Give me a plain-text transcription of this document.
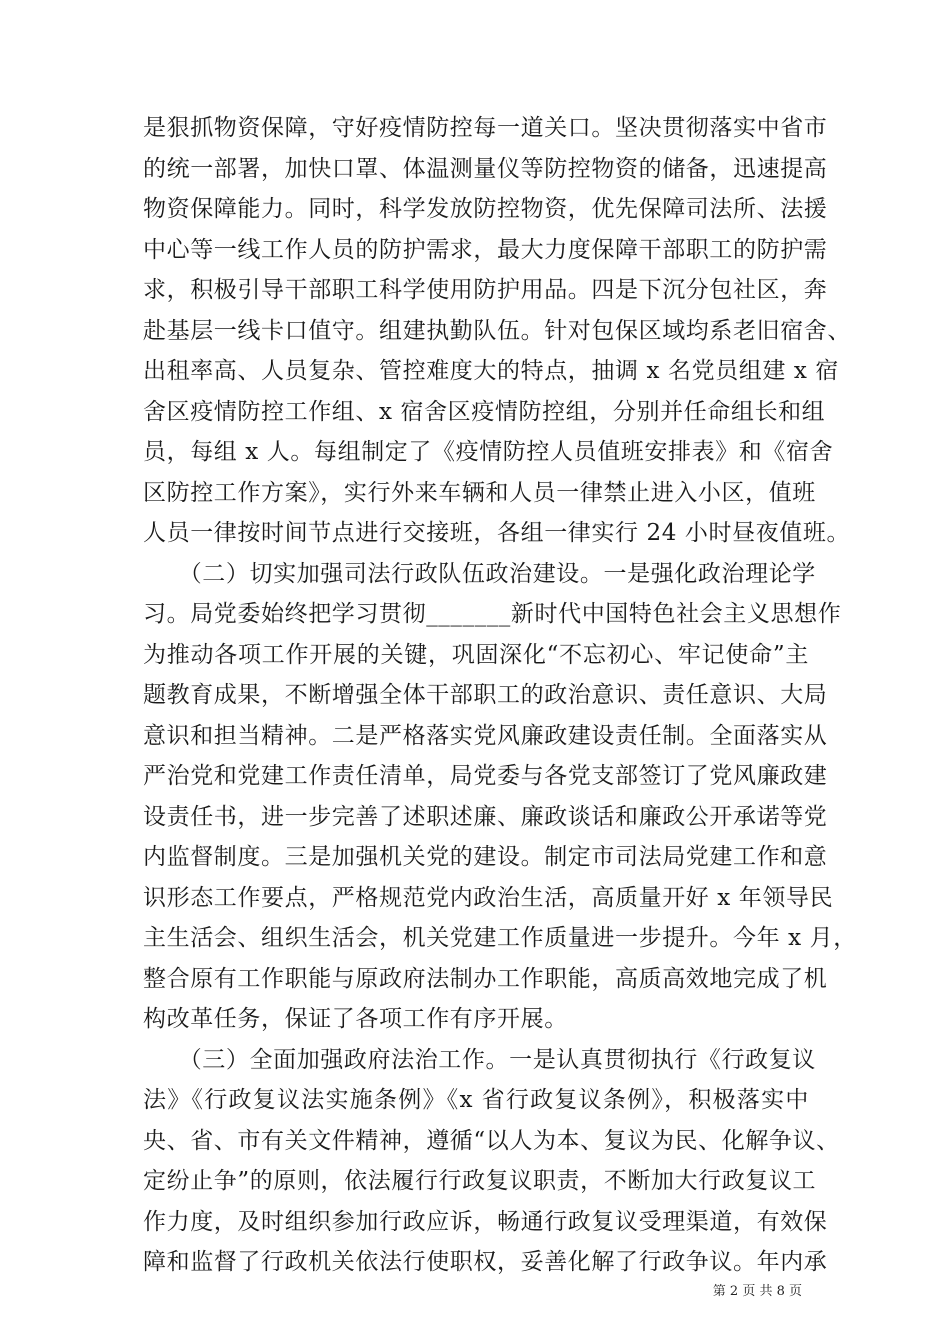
是狠抓物资保障，守好疫情防控每一道关口。坚决贯彻落实中省市
的统一部署，加快口罩、体温测量仪等防控物资的储备，迅速提高
物资保障能力。同时，科学发放防控物资，优先保障司法所、法援
中心等一线工作人员的防护需求，最大力度保障干部职工的防护需
求，积极引导干部职工科学使用防护用品。四是下沉分包社区，奔
赴基层一线卡口值守。组建执勤队伍。针对包保区域均系老旧宿舍、
出租率高、人员复杂、管控难度大的特点，抽调 x 名党员组建 x 宿
舍区疫情防控工作组、x 宿舍区疫情防控组，分别并任命组长和组
员，每组 x 人。每组制定了《疫情防控人员值班安排表》和《宿舍
区防控工作方案》，实行外来车辆和人员一律禁止进入小区，值班
人员一律按时间节点进行交接班，各组一律实行 24 小时昼夜值班。
　　（二）切实加强司法行政队伍政治建设。一是强化政治理论学
习。局党委始终把学习贯彻_______新时代中国特色社会主义思想作
为推动各项工作开展的关键，巩固深化“不忘初心、牢记使命”主
题教育成果，不断增强全体干部职工的政治意识、责任意识、大局
意识和担当精神。二是严格落实党风廉政建设责任制。全面落实从
严治党和党建工作责任清单，局党委与各党支部签订了党风廉政建
设责任书，进一步完善了述职述廉、廉政谈话和廉政公开承诺等党
内监督制度。三是加强机关党的建设。制定市司法局党建工作和意
识形态工作要点，严格规范党内政治生活，高质量开好 x 年领导民
主生活会、组织生活会，机关党建工作质量进一步提升。今年 x 月，
整合原有工作职能与原政府法制办工作职能，高质高效地完成了机
构改革任务，保证了各项工作有序开展。
　　（三）全面加强政府法治工作。一是认真贯彻执行《行政复议
法》《行政复议法实施条例》《x 省行政复议条例》，积极落实中
央、省、市有关文件精神，遵循“以人为本、复议为民、化解争议、
定纷止争”的原则，依法履行行政复议职责，不断加大行政复议工
作力度，及时组织参加行政应诉，畅通行政复议受理渠道，有效保
障和监督了行政机关依法行使职权，妥善化解了行政争议。年内承
第 2 页 共 8 页
